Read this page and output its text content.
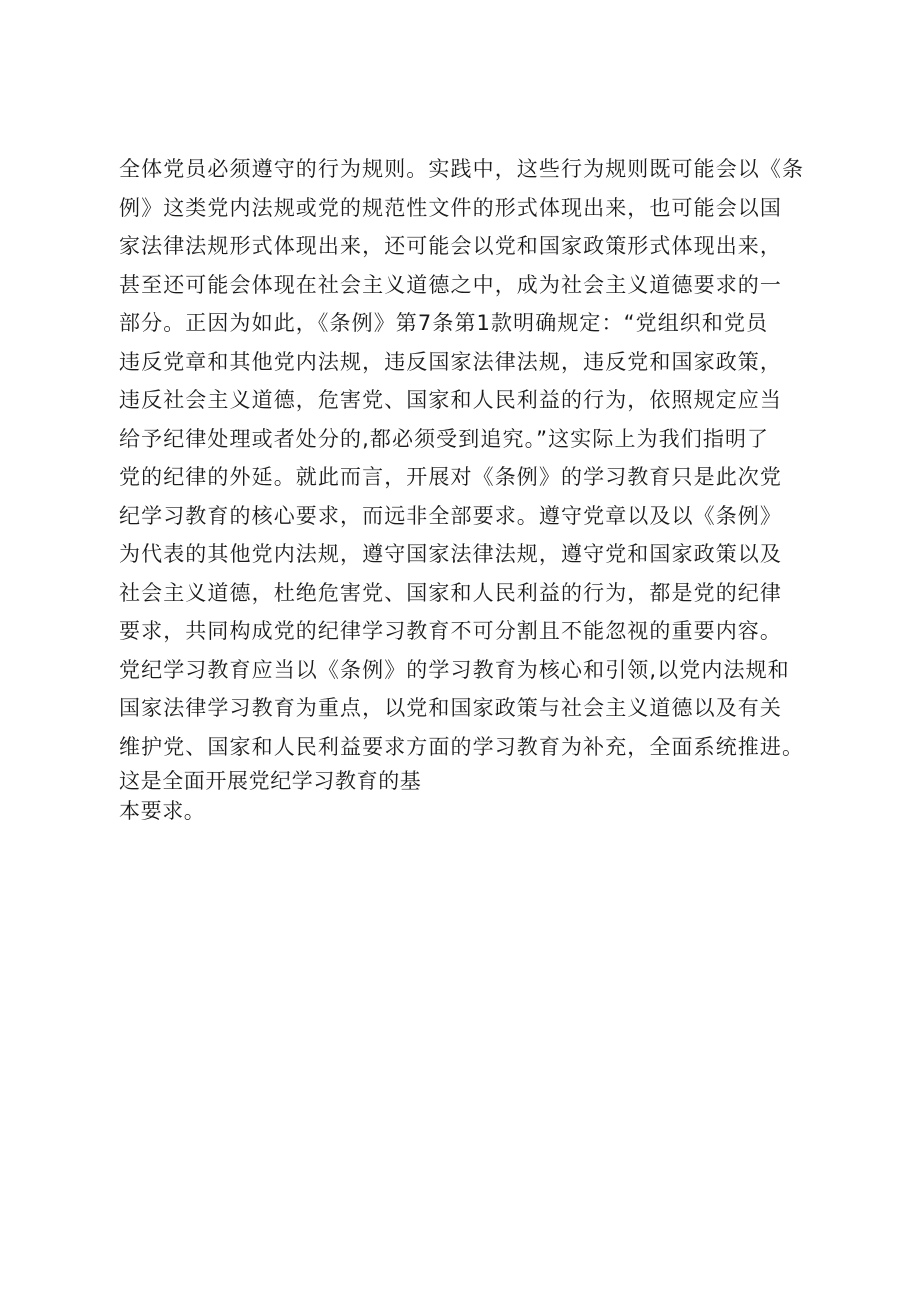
全体党员必须遵守的行为规则。实践中，这些行为规则既可能会以《条
例》这类党内法规或党的规范性文件的形式体现出来，也可能会以国
家法律法规形式体现出来，还可能会以党和国家政策形式体现出来，
甚至还可能会体现在社会主义道德之中，成为社会主义道德要求的一
部分。正因为如此，《条例》第7条第1款明确规定：“党组织和党员
违反党章和其他党内法规，违反国家法律法规，违反党和国家政策，
违反社会主义道德，危害党、国家和人民利益的行为，依照规定应当
给予纪律处理或者处分的,都必须受到追究。”这实际上为我们指明了
党的纪律的外延。就此而言，开展对《条例》的学习教育只是此次党
纪学习教育的核心要求，而远非全部要求。遵守党章以及以《条例》
为代表的其他党内法规，遵守国家法律法规，遵守党和国家政策以及
社会主义道德，杜绝危害党、国家和人民利益的行为，都是党的纪律
要求，共同构成党的纪律学习教育不可分割且不能忽视的重要内容。
党纪学习教育应当以《条例》的学习教育为核心和引领,以党内法规和
国家法律学习教育为重点，以党和国家政策与社会主义道德以及有关
维护党、国家和人民利益要求方面的学习教育为补充，全面系统推进。
这是全面开展党纪学习教育的基
本要求。
